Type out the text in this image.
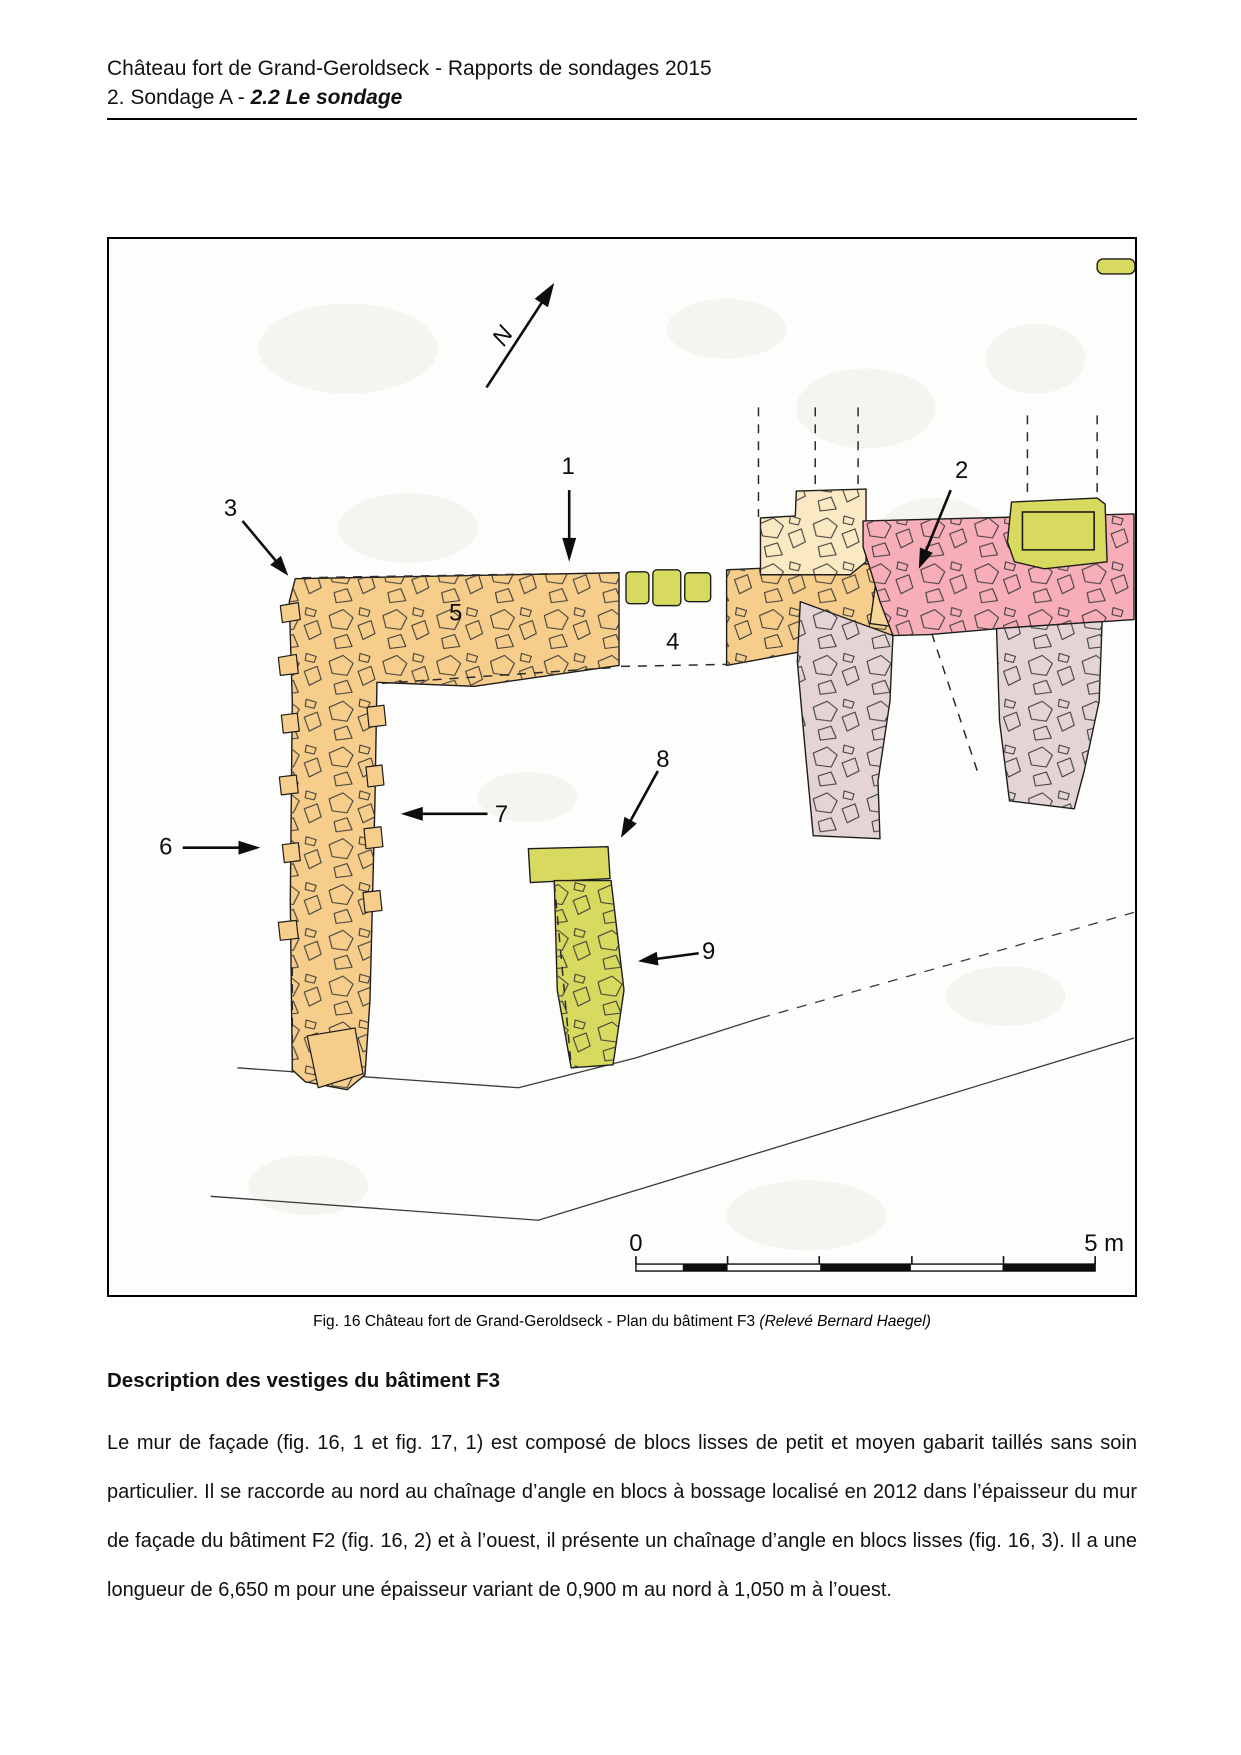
Château fort de Grand-Geroldseck - Rapports de sondages 2015
2. Sondage A - 2.2 Le sondage
N
1	2
3
4
5
6
7
8
9
0	5 m
Fig. 16 Château fort de Grand-Geroldseck - Plan du bâtiment F3 (Relevé Bernard Haegel)
Description des vestiges du bâtiment F3
Le mur de façade (fig. 16, 1 et fig. 17, 1) est composé de blocs lisses de petit et moyen gabarit taillés sans soin particulier. Il se raccorde au nord au chaînage d’angle en blocs à bossage localisé en 2012 dans l’épaisseur du mur de façade du bâtiment F2 (fig. 16, 2) et à l’ouest, il présente un chaînage d’angle en blocs lisses (fig. 16, 3). Il a une longueur de 6,650 m pour une épaisseur variant de 0,900 m au nord à 1,050 m à l’ouest.
